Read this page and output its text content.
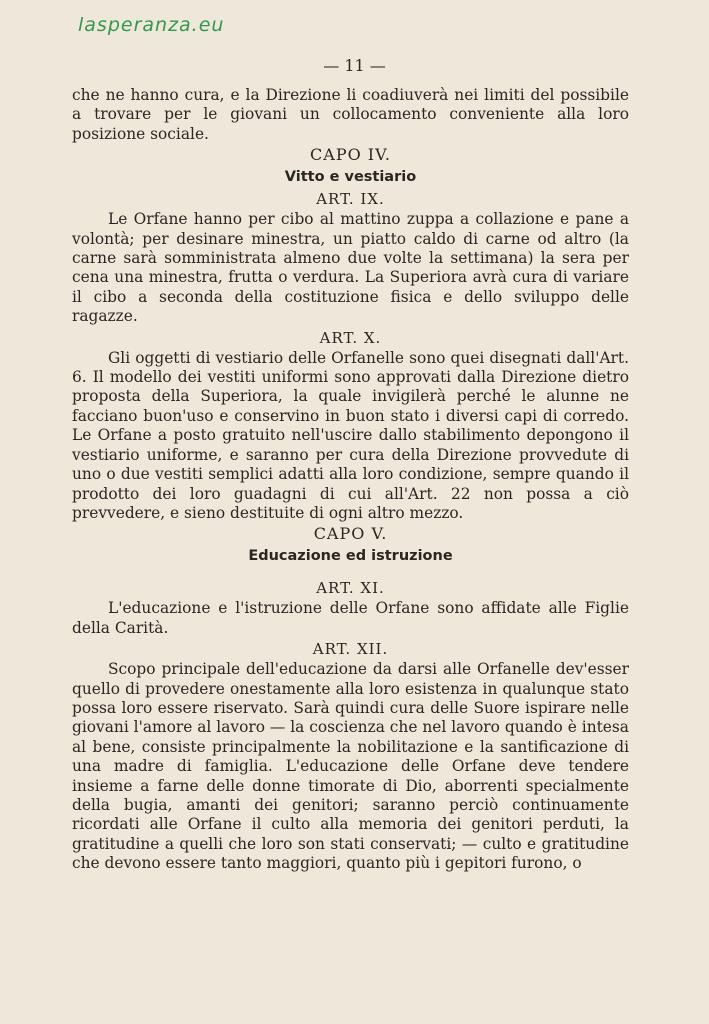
lasperanza.eu
— 11 —

che ne hanno cura, e la Direzione li coadiuverà nei limiti del possibile a trovare per le giovani un collocamento conveniente alla loro posizione sociale.

CAPO IV.

Vitto e vestiario

ART. IX.

Le Orfane hanno per cibo al mattino zuppa a collazione e pane a volontà; per desinare minestra, un piatto caldo di carne od altro (la carne sarà somministrata almeno due volte la settimana) la sera per cena una minestra, frutta o verdura. La Superiora avrà cura di variare il cibo a seconda della costituzione fisica e dello sviluppo delle ragazze.

ART. X.

Gli oggetti di vestiario delle Orfanelle sono quei disegnati dall'Art. 6. Il modello dei vestiti uniformi sono approvati dalla Direzione dietro proposta della Superiora, la quale invigilerà perché le alunne ne facciano buon'uso e conservino in buon stato i diversi capi di corredo. Le Orfane a posto gratuito nell'uscire dallo stabilimento depongono il vestiario uniforme, e saranno per cura della Direzione provvedute di uno o due vestiti semplici adatti alla loro condizione, sempre quando il prodotto dei loro guadagni di cui all'Art. 22 non possa a ciò prevvedere, e sieno destituite di ogni altro mezzo.

CAPO V.

Educazione ed istruzione

ART. XI.

L'educazione e l'istruzione delle Orfane sono affidate alle Figlie della Carità.

ART. XII.

Scopo principale dell'educazione da darsi alle Orfanelle dev'esser quello di provedere onestamente alla loro esistenza in qualunque stato possa loro essere riservato. Sarà quindi cura delle Suore ispirare nelle giovani l'amore al lavoro — la coscienza che nel lavoro quando è intesa al bene, consiste principalmente la nobilitazione e la santificazione di una madre di famiglia. L'educazione delle Orfane deve tendere insieme a farne delle donne timorate di Dio, aborrenti specialmente della bugia, amanti dei genitori; saranno perciò continuamente ricordati alle Orfane il culto alla memoria dei genitori perduti, la gratitudine a quelli che loro son stati conservati; — culto e gratitudine che devono essere tanto maggiori, quanto più i gepitori furono, o
